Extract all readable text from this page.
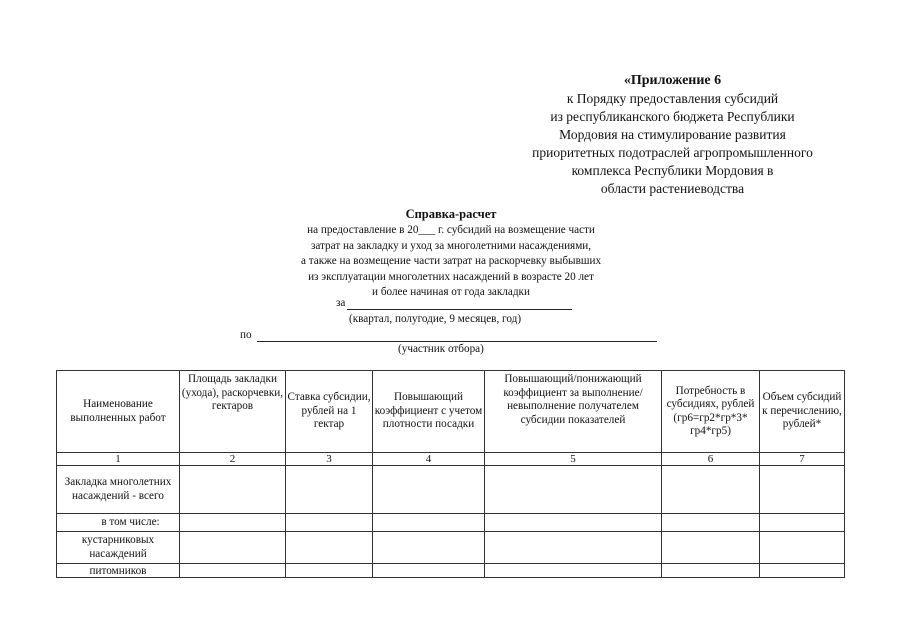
«Приложение 6
к Порядку предоставления субсидий
из республиканского бюджета Республики
Мордовия на стимулирование развития
приоритетных подотраслей агропромышленного
комплекса Республики Мордовия в
области растениеводства
Справка-расчет
на предоставление в 20___ г. субсидий на возмещение части
затрат на закладку и уход за многолетними насаждениями,
а также на возмещение части затрат на раскорчевку выбывших
из эксплуатации многолетних насаждений в возрасте 20 лет
и более начиная от года закладки
за
(квартал, полугодие, 9 месяцев, год)
по
(участник отбора)
Наименование выполненных работ	Площадь закладки (ухода), раскорчевки, гектаров	Ставка субсидии, рублей на 1 гектар	Повышающий коэффициент с учетом плотности посадки	Повышающий/понижающий коэффициент за выполнение/невыполнение получателем субсидии показателей	Потребность в субсидиях, рублей (гр6=гр2*гр*3* гр4*гр5)	Объем субсидий к перечислению, рублей*
1	2	3	4	5	6	7
Закладка многолетних насаждений - всего						
в том числе:						
кустарниковых насаждений						
питомников						
